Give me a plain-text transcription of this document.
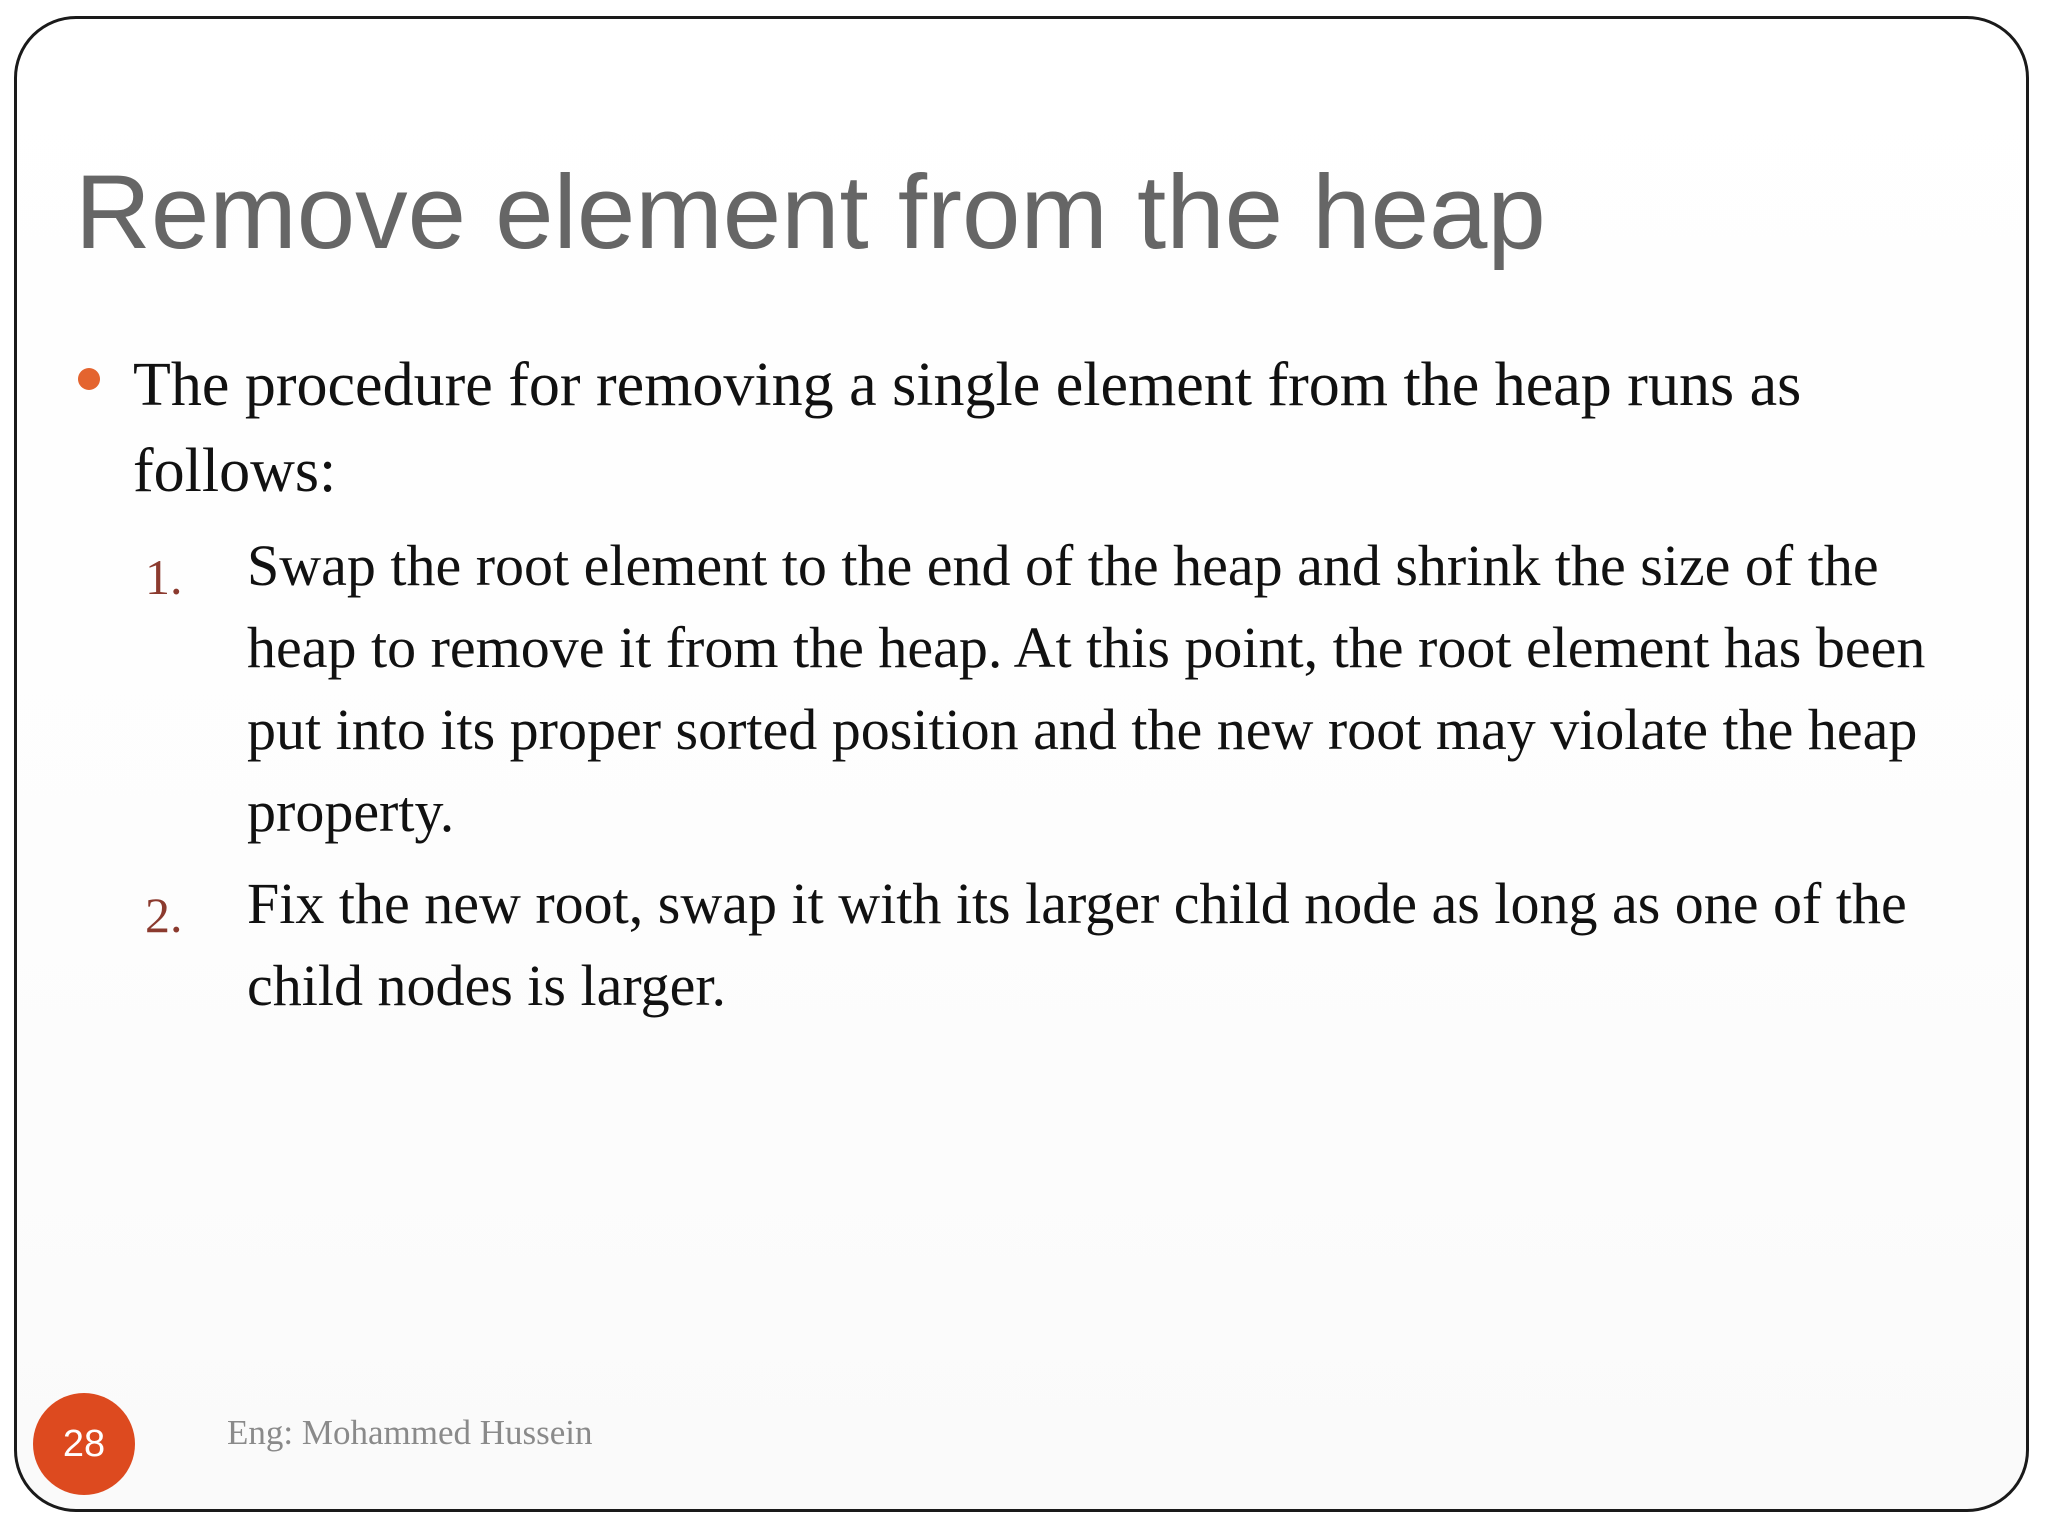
Remove element from the heap

The procedure for removing a single element from the heap runs as follows:

1. Swap the root element to the end of the heap and shrink the size of the heap to remove it from the heap. At this point, the root element has been put into its proper sorted position and the new root may violate the heap property.

2. Fix the new root, swap it with its larger child node as long as one of the child nodes is larger.

28	Eng: Mohammed Hussein
